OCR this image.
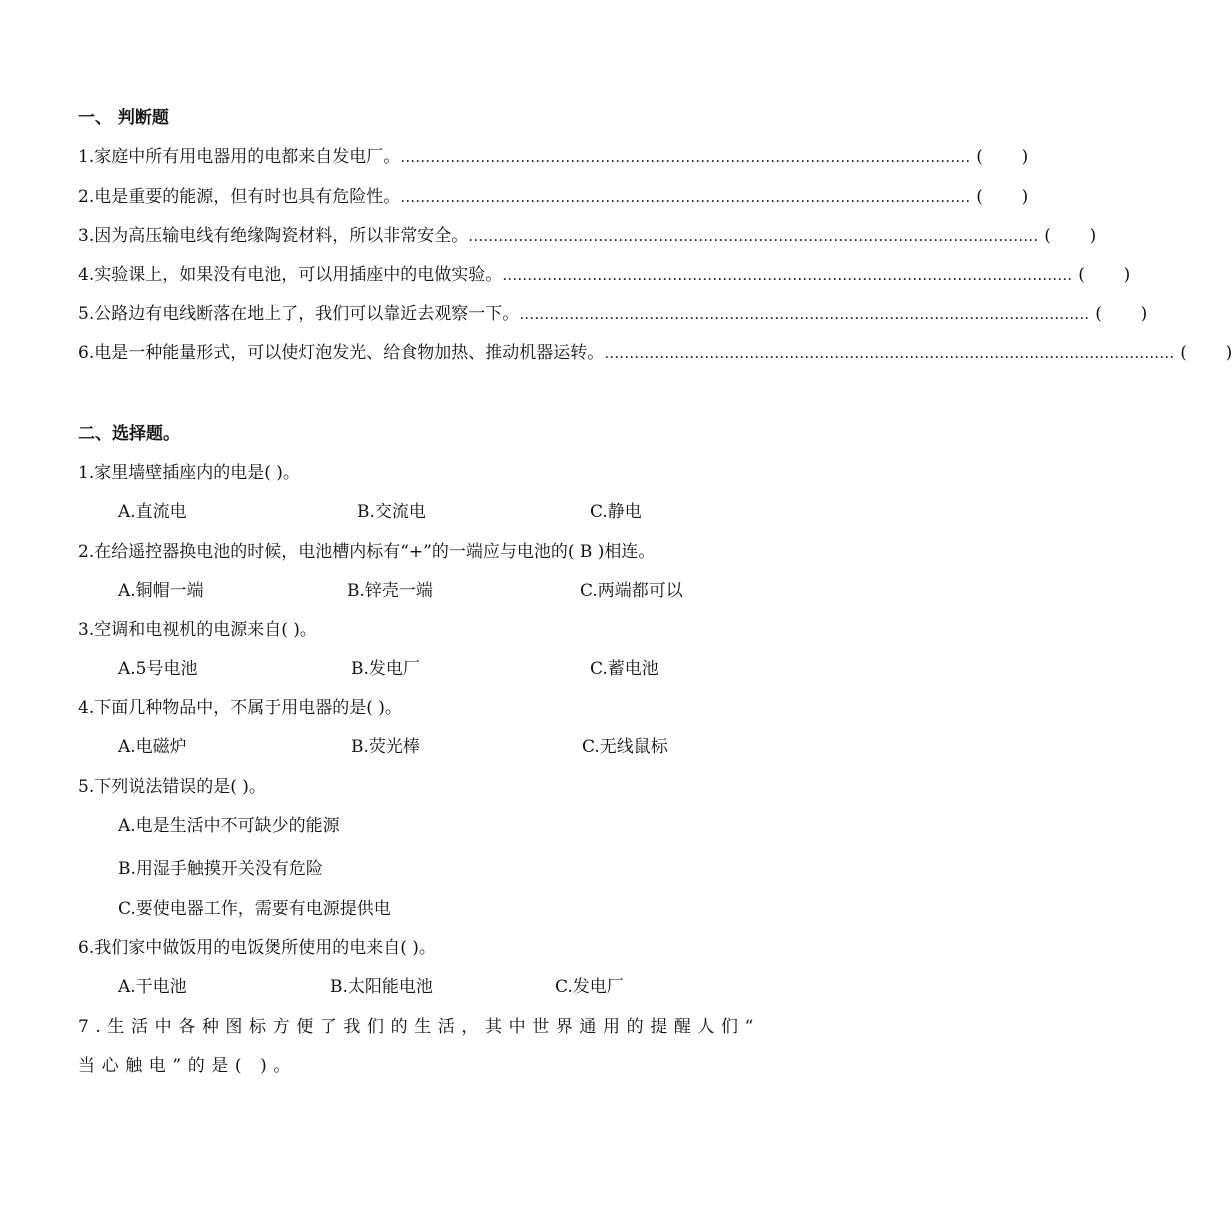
一、 判断题
1.家庭中所有用电器用的电都来自发电厂。 …………………………………………………………………………………………………… ( )
2.电是重要的能源，但有时也具有危险性。 …………………………………………………………………………………………………… ( )
3.因为高压输电线有绝缘陶瓷材料，所以非常安全。 …………………………………………………………………………………………………… ( )
4.实验课上，如果没有电池，可以用插座中的电做实验。 …………………………………………………………………………………………………… ( )
5.公路边有电线断落在地上了，我们可以靠近去观察一下。 …………………………………………………………………………………………………… ( )
6.电是一种能量形式，可以使灯泡发光、给食物加热、推动机器运转。 …………………………………………………………………………………………………… ( )
二、选择题。
1.家里墙壁插座内的电是( )。
A.直流电	B.交流电	C.静电
2.在给遥控器换电池的时候，电池槽内标有“+”的一端应与电池的( B )相连。
A.铜帽一端	B.锌壳一端	C.两端都可以
3.空调和电视机的电源来自( )。
A.5号电池	B.发电厂	C.蓄电池
4.下面几种物品中，不属于用电器的是( )。
A.电磁炉	B.荧光棒	C.无线鼠标
5.下列说法错误的是( )。
A.电是生活中不可缺少的能源
B.用湿手触摸开关没有危险
C.要使电器工作，需要有电源提供电
6.我们家中做饭用的电饭煲所使用的电来自( )。
A.干电池	B.太阳能电池	C.发电厂
7.生活中各种图标方便了我们的生活，其中世界通用的提醒人们“
当心触电”的是( )。
